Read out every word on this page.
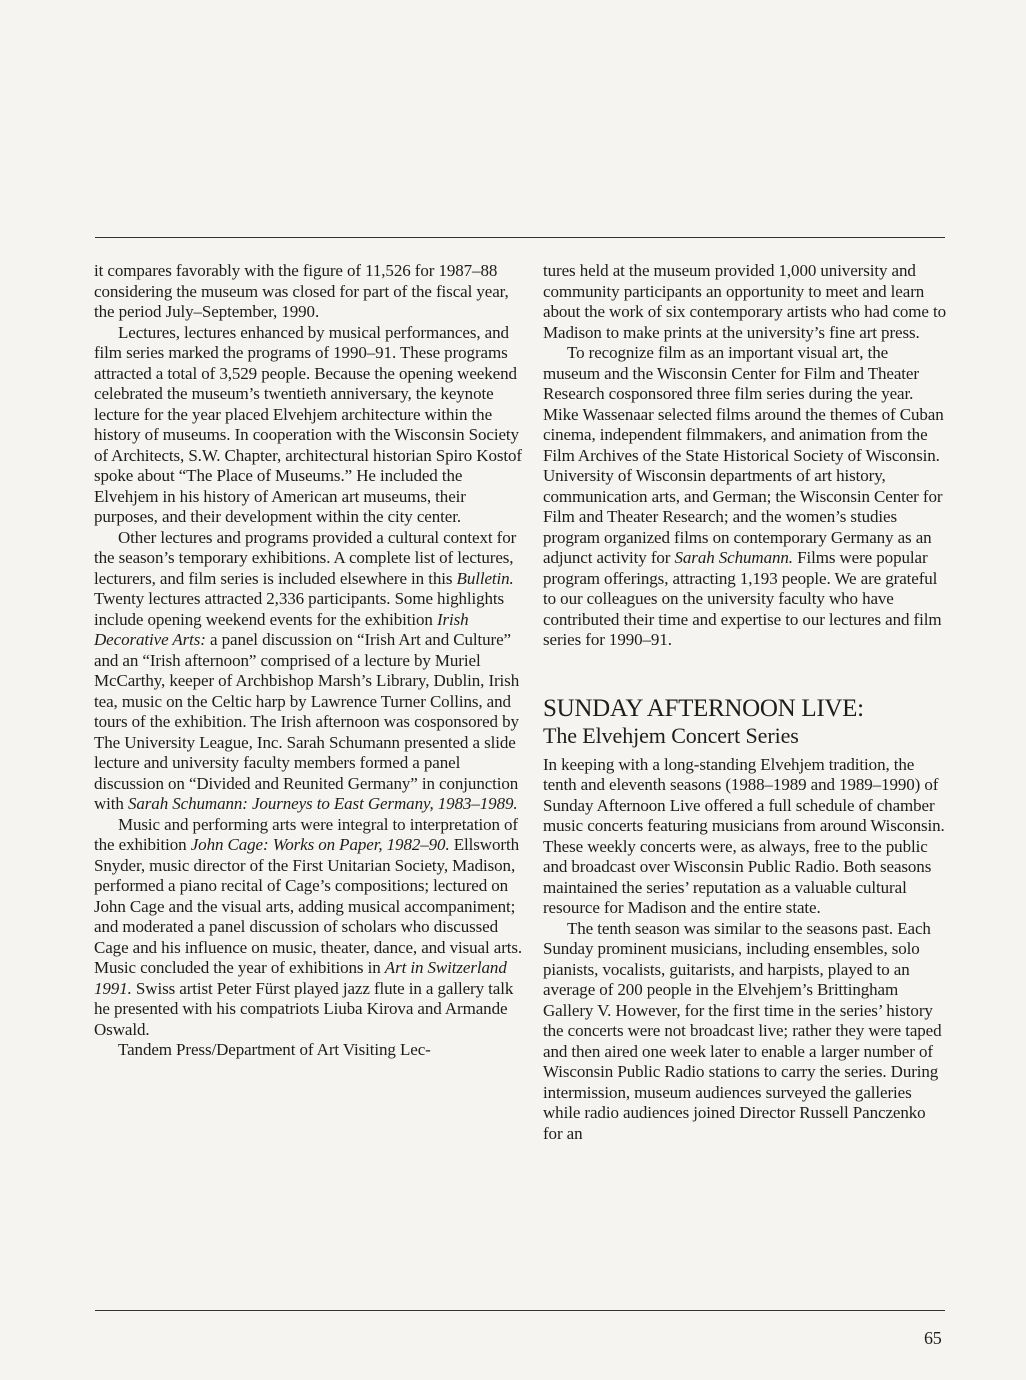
it compares favorably with the figure of 11,526 for 1987–88 considering the museum was closed for part of the fiscal year, the period July–September, 1990.

Lectures, lectures enhanced by musical performances, and film series marked the programs of 1990–91. These programs attracted a total of 3,529 people. Because the opening weekend celebrated the museum’s twentieth anniversary, the keynote lecture for the year placed Elvehjem architecture within the history of museums. In cooperation with the Wisconsin Society of Architects, S.W. Chapter, architectural historian Spiro Kostof spoke about “The Place of Museums.” He included the Elvehjem in his history of American art museums, their purposes, and their development within the city center.

Other lectures and programs provided a cultural context for the season’s temporary exhibitions. A complete list of lectures, lecturers, and film series is included elsewhere in this Bulletin. Twenty lectures attracted 2,336 participants. Some highlights include opening weekend events for the exhibition Irish Decorative Arts: a panel discussion on “Irish Art and Culture” and an “Irish afternoon” comprised of a lecture by Muriel McCarthy, keeper of Archbishop Marsh’s Library, Dublin, Irish tea, music on the Celtic harp by Lawrence Turner Collins, and tours of the exhibition. The Irish afternoon was cosponsored by The University League, Inc. Sarah Schumann presented a slide lecture and university faculty members formed a panel discussion on “Divided and Reunited Germany” in conjunction with Sarah Schumann: Journeys to East Germany, 1983–1989.

Music and performing arts were integral to interpretation of the exhibition John Cage: Works on Paper, 1982–90. Ellsworth Snyder, music director of the First Unitarian Society, Madison, performed a piano recital of Cage’s compositions; lectured on John Cage and the visual arts, adding musical accompaniment; and moderated a panel discussion of scholars who discussed Cage and his influence on music, theater, dance, and visual arts. Music concluded the year of exhibitions in Art in Switzerland 1991. Swiss artist Peter Fürst played jazz flute in a gallery talk he presented with his compatriots Liuba Kirova and Armande Oswald.

Tandem Press/Department of Art Visiting Lec-

tures held at the museum provided 1,000 university and community participants an opportunity to meet and learn about the work of six contemporary artists who had come to Madison to make prints at the university’s fine art press.

To recognize film as an important visual art, the museum and the Wisconsin Center for Film and Theater Research cosponsored three film series during the year. Mike Wassenaar selected films around the themes of Cuban cinema, independent filmmakers, and animation from the Film Archives of the State Historical Society of Wisconsin. University of Wisconsin departments of art history, communication arts, and German; the Wisconsin Center for Film and Theater Research; and the women’s studies program organized films on contemporary Germany as an adjunct activity for Sarah Schumann. Films were popular program offerings, attracting 1,193 people. We are grateful to our colleagues on the university faculty who have contributed their time and expertise to our lectures and film series for 1990–91.

SUNDAY AFTERNOON LIVE:
The Elvehjem Concert Series

In keeping with a long-standing Elvehjem tradition, the tenth and eleventh seasons (1988–1989 and 1989–1990) of Sunday Afternoon Live offered a full schedule of chamber music concerts featuring musicians from around Wisconsin. These weekly concerts were, as always, free to the public and broadcast over Wisconsin Public Radio. Both seasons maintained the series’ reputation as a valuable cultural resource for Madison and the entire state.

The tenth season was similar to the seasons past. Each Sunday prominent musicians, including ensembles, solo pianists, vocalists, guitarists, and harpists, played to an average of 200 people in the Elvehjem’s Brittingham Gallery V. However, for the first time in the series’ history the concerts were not broadcast live; rather they were taped and then aired one week later to enable a larger number of Wisconsin Public Radio stations to carry the series. During intermission, museum audiences surveyed the galleries while radio audiences joined Director Russell Panczenko for an

65
